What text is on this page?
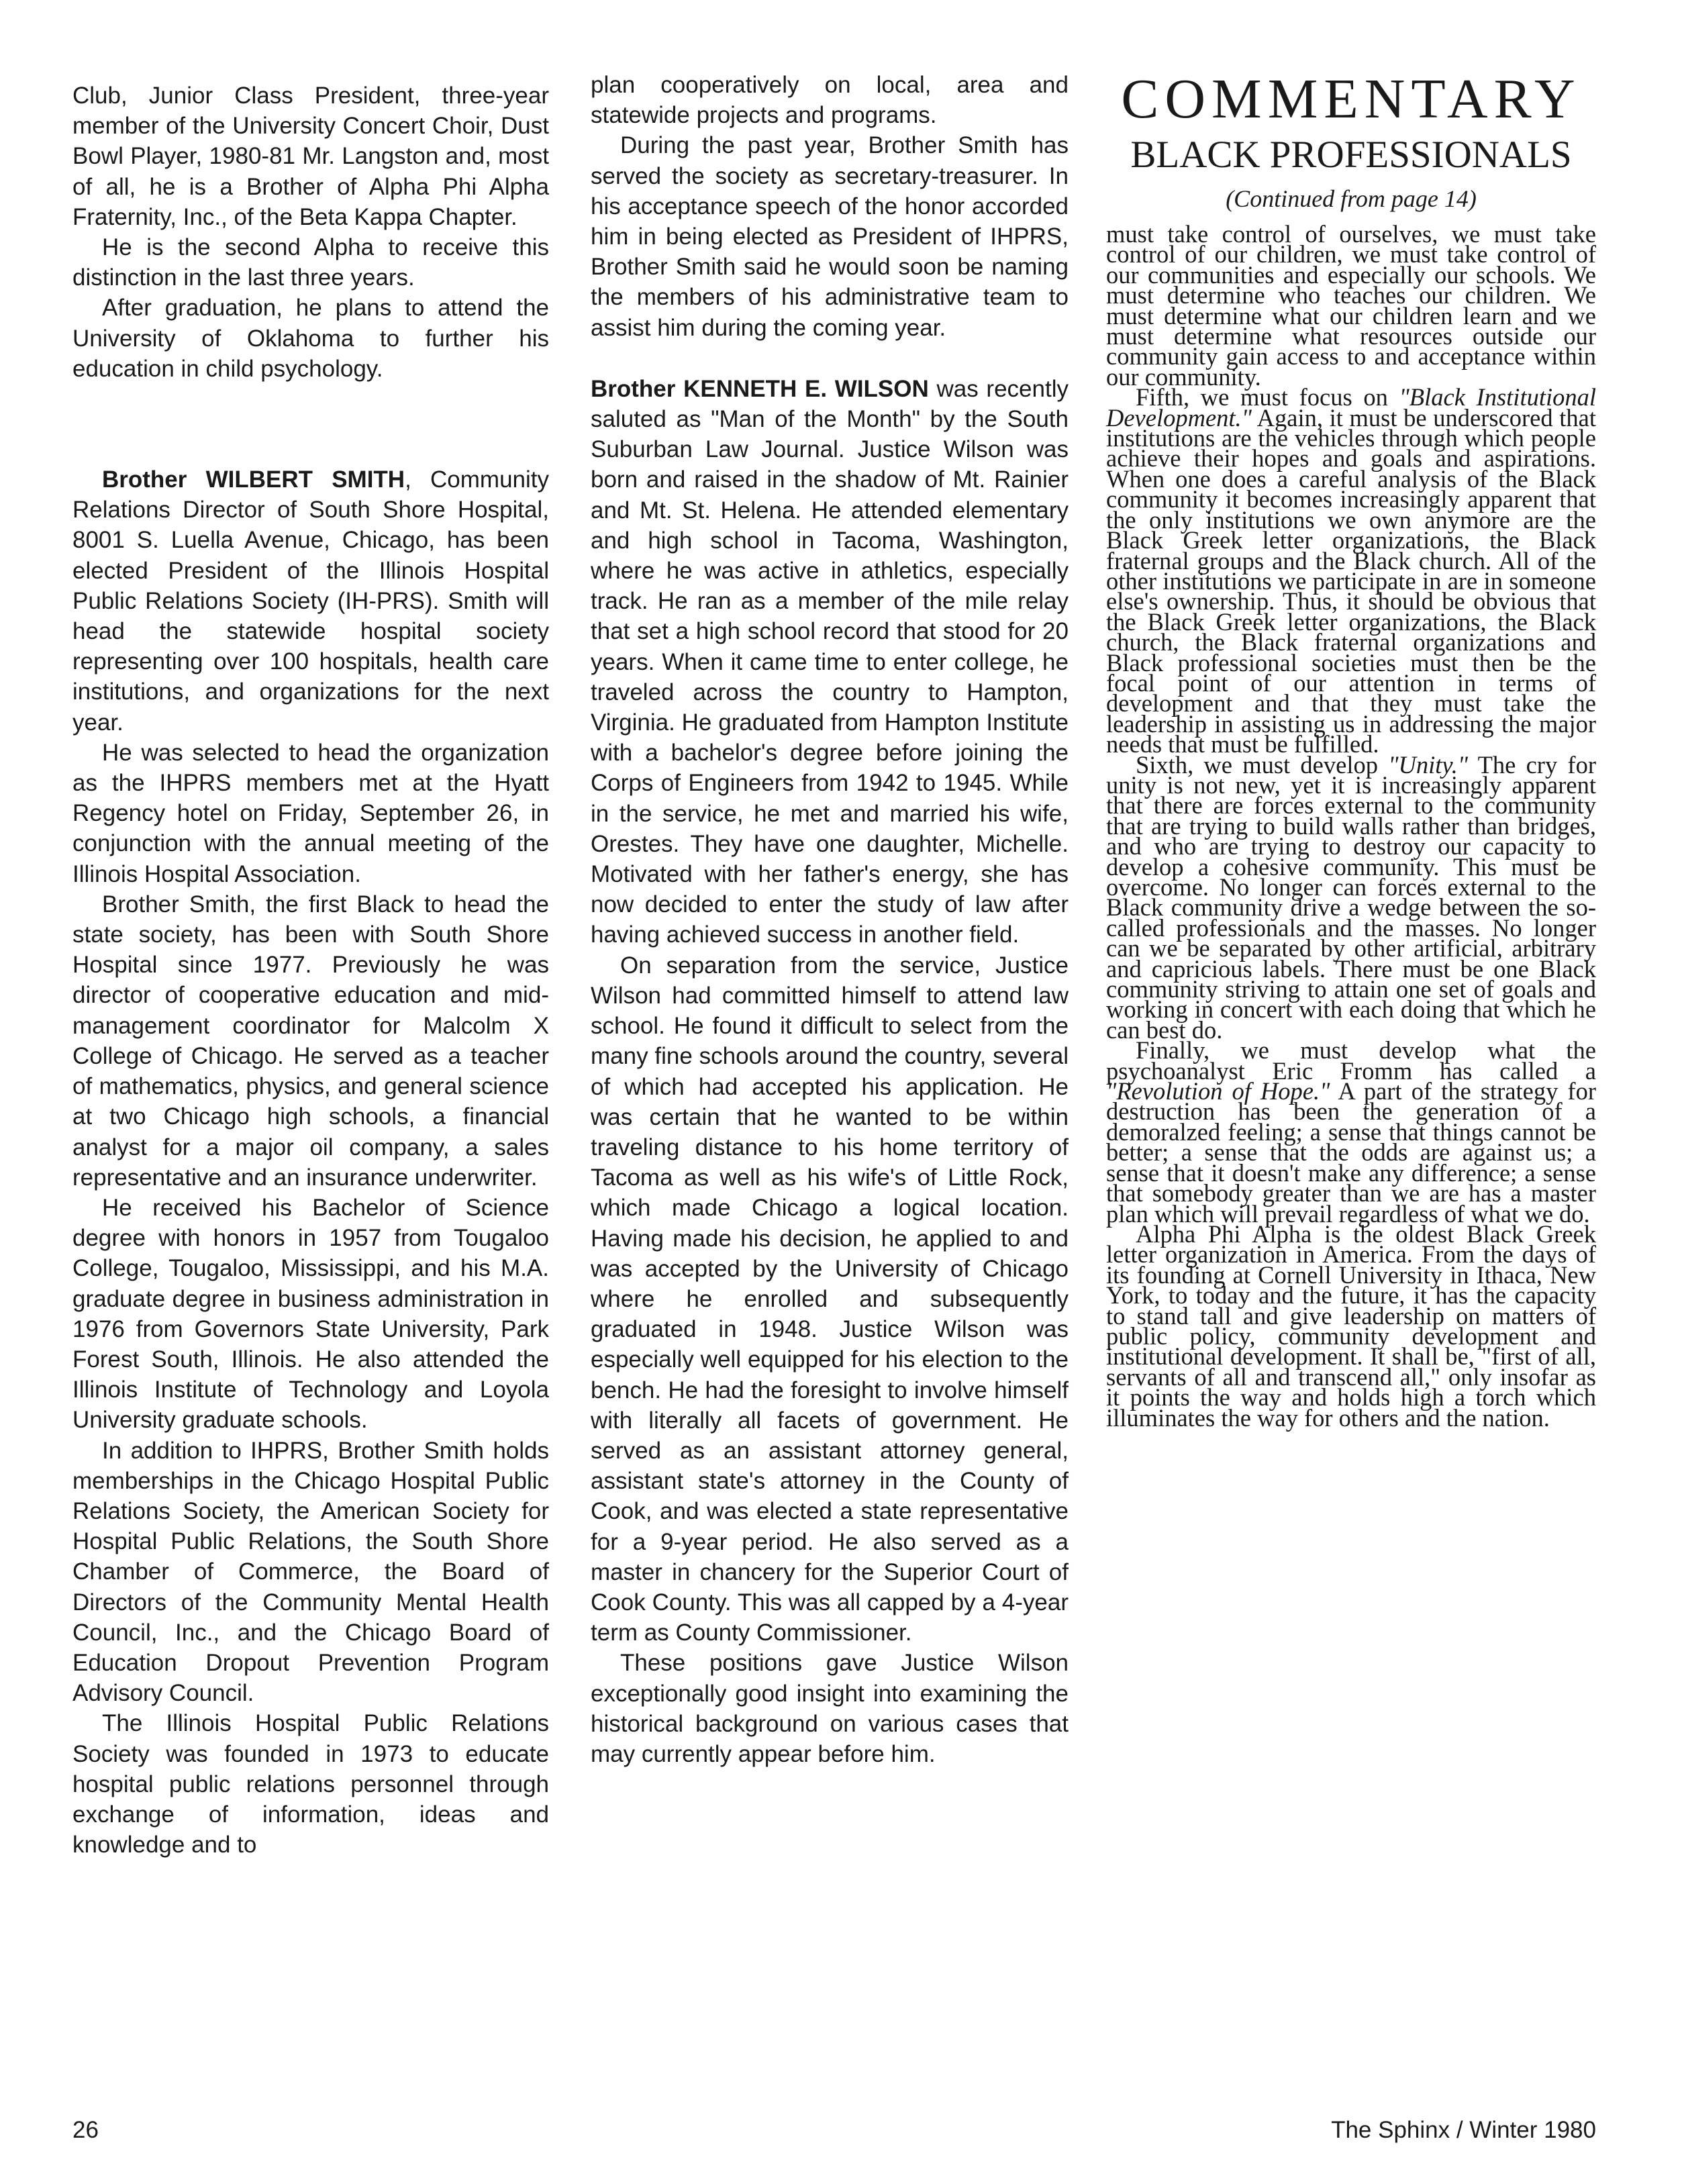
Club, Junior Class President, three-year member of the University Concert Choir, Dust Bowl Player, 1980-81 Mr. Langston and, most of all, he is a Brother of Alpha Phi Alpha Fraternity, Inc., of the Beta Kappa Chapter.

He is the second Alpha to receive this distinction in the last three years.

After graduation, he plans to attend the University of Oklahoma to further his education in child psychology.

Brother WILBERT SMITH, Community Relations Director of South Shore Hospital, 8001 S. Luella Avenue, Chicago, has been elected President of the Illinois Hospital Public Relations Society (IH-PRS). Smith will head the statewide hospital society representing over 100 hospitals, health care institutions, and organizations for the next year.

He was selected to head the organization as the IHPRS members met at the Hyatt Regency hotel on Friday, September 26, in conjunction with the annual meeting of the Illinois Hospital Association.

Brother Smith, the first Black to head the state society, has been with South Shore Hospital since 1977. Previously he was director of cooperative education and mid-management coordinator for Malcolm X College of Chicago. He served as a teacher of mathematics, physics, and general science at two Chicago high schools, a financial analyst for a major oil company, a sales representative and an insurance underwriter.

He received his Bachelor of Science degree with honors in 1957 from Tougaloo College, Tougaloo, Mississippi, and his M.A. graduate degree in business administration in 1976 from Governors State University, Park Forest South, Illinois. He also attended the Illinois Institute of Technology and Loyola University graduate schools.

In addition to IHPRS, Brother Smith holds memberships in the Chicago Hospital Public Relations Society, the American Society for Hospital Public Relations, the South Shore Chamber of Commerce, the Board of Directors of the Community Mental Health Council, Inc., and the Chicago Board of Education Dropout Prevention Program Advisory Council.

The Illinois Hospital Public Relations Society was founded in 1973 to educate hospital public relations personnel through exchange of information, ideas and knowledge and to

plan cooperatively on local, area and statewide projects and programs.

During the past year, Brother Smith has served the society as secretary-treasurer. In his acceptance speech of the honor accorded him in being elected as President of IHPRS, Brother Smith said he would soon be naming the members of his administrative team to assist him during the coming year.

Brother KENNETH E. WILSON was recently saluted as "Man of the Month" by the South Suburban Law Journal. Justice Wilson was born and raised in the shadow of Mt. Rainier and Mt. St. Helena. He attended elementary and high school in Tacoma, Washington, where he was active in athletics, especially track. He ran as a member of the mile relay that set a high school record that stood for 20 years. When it came time to enter college, he traveled across the country to Hampton, Virginia. He graduated from Hampton Institute with a bachelor's degree before joining the Corps of Engineers from 1942 to 1945. While in the service, he met and married his wife, Orestes. They have one daughter, Michelle. Motivated with her father's energy, she has now decided to enter the study of law after having achieved success in another field.

On separation from the service, Justice Wilson had committed himself to attend law school. He found it difficult to select from the many fine schools around the country, several of which had accepted his application. He was certain that he wanted to be within traveling distance to his home territory of Tacoma as well as his wife's of Little Rock, which made Chicago a logical location. Having made his decision, he applied to and was accepted by the University of Chicago where he enrolled and subsequently graduated in 1948. Justice Wilson was especially well equipped for his election to the bench. He had the foresight to involve himself with literally all facets of government. He served as an assistant attorney general, assistant state's attorney in the County of Cook, and was elected a state representative for a 9-year period. He also served as a master in chancery for the Superior Court of Cook County. This was all capped by a 4-year term as County Commissioner.

These positions gave Justice Wilson exceptionally good insight into examining the historical background on various cases that may currently appear before him.

COMMENTARY
BLACK PROFESSIONALS
(Continued from page 14)

must take control of ourselves, we must take control of our children, we must take control of our communities and especially our schools. We must determine who teaches our children. We must determine what our children learn and we must determine what resources outside our community gain access to and acceptance within our community.

Fifth, we must focus on "Black Institutional Development." Again, it must be underscored that institutions are the vehicles through which people achieve their hopes and goals and aspirations. When one does a careful analysis of the Black community it becomes increasingly apparent that the only institutions we own anymore are the Black Greek letter organizations, the Black fraternal groups and the Black church. All of the other institutions we participate in are in someone else's ownership. Thus, it should be obvious that the Black Greek letter organizations, the Black church, the Black fraternal organizations and Black professional societies must then be the focal point of our attention in terms of development and that they must take the leadership in assisting us in addressing the major needs that must be fulfilled.

Sixth, we must develop "Unity." The cry for unity is not new, yet it is increasingly apparent that there are forces external to the community that are trying to build walls rather than bridges, and who are trying to destroy our capacity to develop a cohesive community. This must be overcome. No longer can forces external to the Black community drive a wedge between the so-called professionals and the masses. No longer can we be separated by other artificial, arbitrary and capricious labels. There must be one Black community striving to attain one set of goals and working in concert with each doing that which he can best do.

Finally, we must develop what the psychoanalyst Eric Fromm has called a "Revolution of Hope." A part of the strategy for destruction has been the generation of a demoralzed feeling; a sense that things cannot be better; a sense that the odds are against us; a sense that it doesn't make any difference; a sense that somebody greater than we are has a master plan which will prevail regardless of what we do.

Alpha Phi Alpha is the oldest Black Greek letter organization in America. From the days of its founding at Cornell University in Ithaca, New York, to today and the future, it has the capacity to stand tall and give leadership on matters of public policy, community development and institutional development. It shall be, "first of all, servants of all and transcend all," only insofar as it points the way and holds high a torch which illuminates the way for others and the nation.

26	The Sphinx / Winter 1980
